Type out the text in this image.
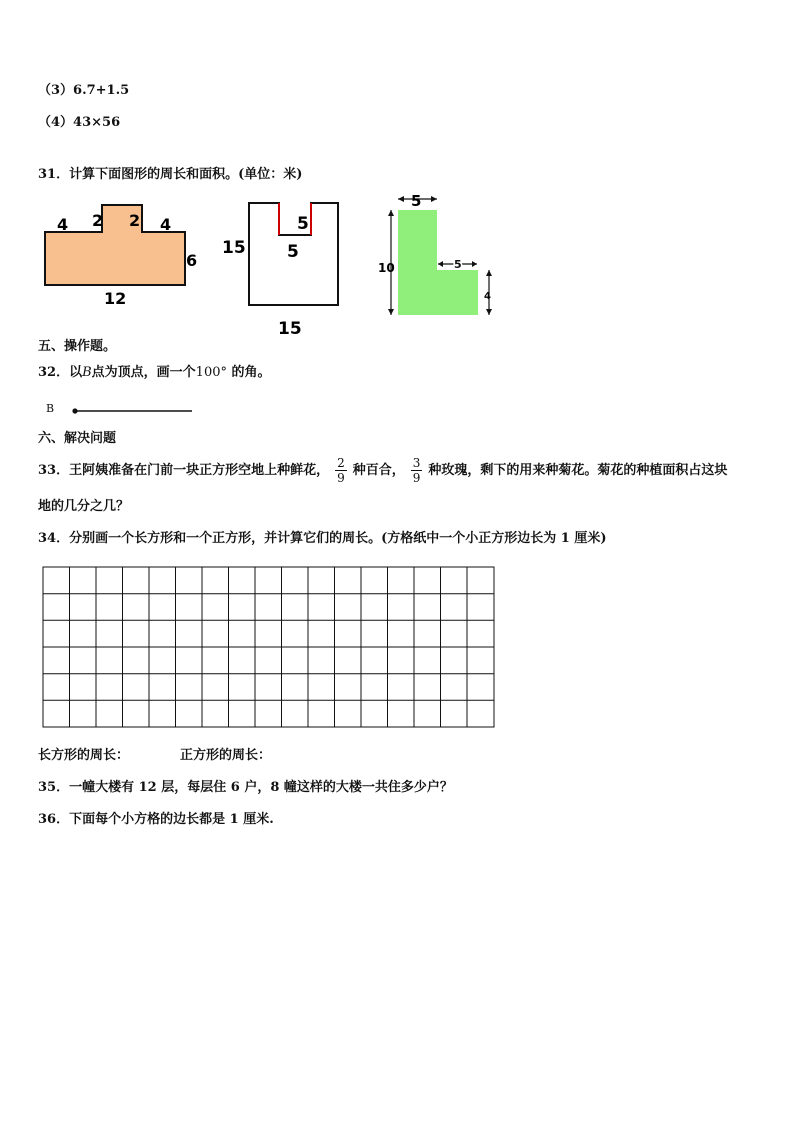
（3）6.7+1.5
（4）43×56
31．计算下面图形的周长和面积。(单位：米)
4 2 2 4
6
12
5
5
15
15
5
10	5
4
五、操作题。
32．以B点为顶点，画一个100° 的角。
B
六、解决问题
33．王阿姨准备在门前一块正方形空地上种鲜花， $\frac{2}{9}$ 种百合， $\frac{3}{9}$ 种玫瑰，剩下的用来种菊花。菊花的种植面积占这块
地的几分之几？
34．分别画一个长方形和一个正方形，并计算它们的周长。(方格纸中一个小正方形边长为 1 厘米)
长方形的周长：	正方形的周长：
35．一幢大楼有 12 层，每层住 6 户，8 幢这样的大楼一共住多少户？
36．下面每个小方格的边长都是 1 厘米.
